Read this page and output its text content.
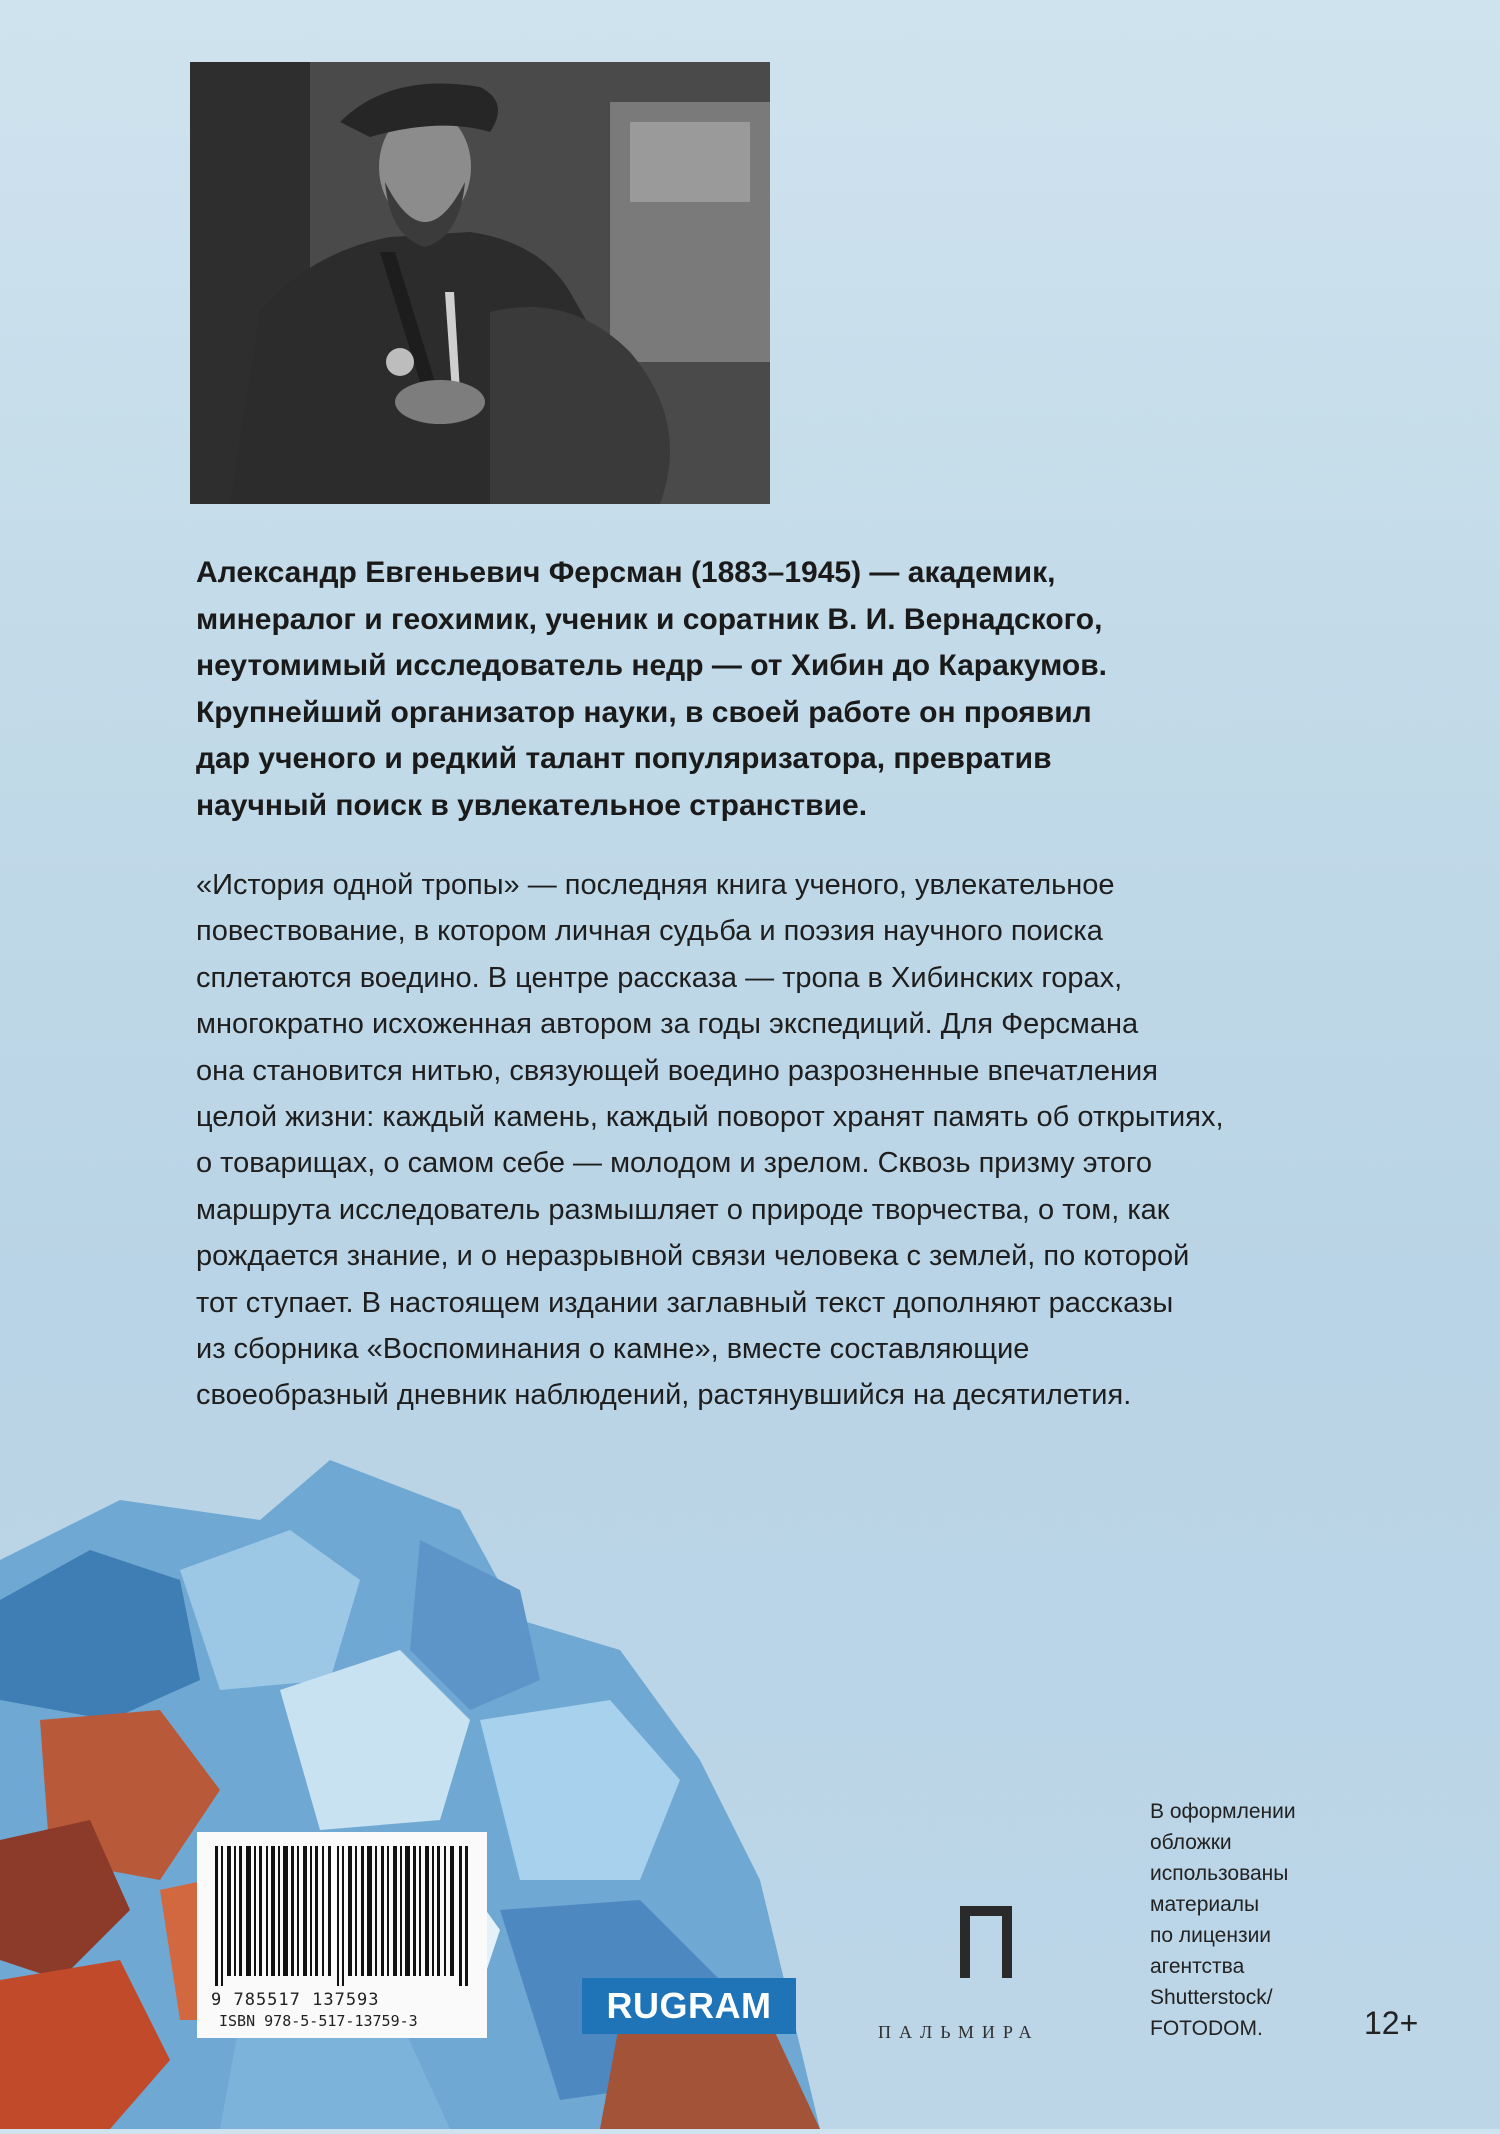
Александр Евгеньевич Ферсман (1883–1945) — академик,
минералог и геохимик, ученик и соратник В. И. Вернадского,
неутомимый исследователь недр — от Хибин до Каракумов.
Крупнейший организатор науки, в своей работе он проявил
дар ученого и редкий талант популяризатора, превратив
научный поиск в увлекательное странствие.

«История одной тропы» — последняя книга ученого, увлекательное
повествование, в котором личная судьба и поэзия научного поиска
сплетаются воедино. В центре рассказа — тропа в Хибинских горах,
многократно исхоженная автором за годы экспедиций. Для Ферсмана
она становится нитью, связующей воедино разрозненные впечатления
целой жизни: каждый камень, каждый поворот хранят память об открытиях,
о товарищах, о самом себе — молодом и зрелом. Сквозь призму этого
маршрута исследователь размышляет о природе творчества, о том, как
рождается знание, и о неразрывной связи человека с землей, по которой
тот ступает. В настоящем издании заглавный текст дополняют рассказы
из сборника «Воспоминания о камне», вместе составляющие
своеобразный дневник наблюдений, растянувшийся на десятилетия.

9 785517 137593
ISBN 978-5-517-13759-3	RUGRAM
ПАЛЬМИРА

В оформлении
обложки
использованы
материалы
по лицензии
агентства
Shutterstock/
FOTODOM.	12+
